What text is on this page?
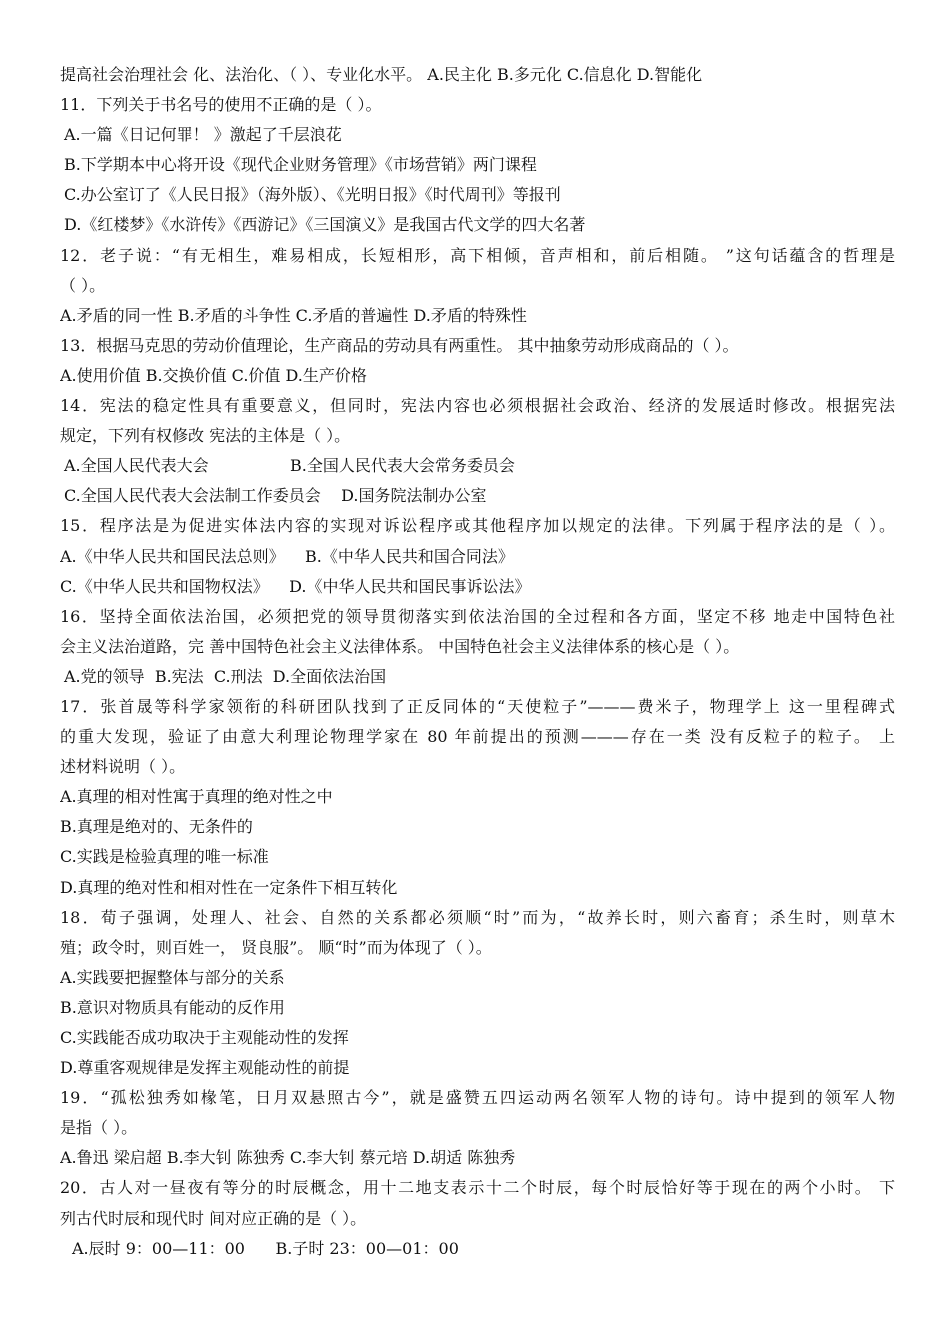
提高社会治理社会 化、法治化、（ ）、专业化水平。 A.民主化 B.多元化 C.信息化 D.智能化
11．下列关于书名号的使用不正确的是（ ）。
A.一篇《日记何罪！ 》激起了千层浪花
B.下学期本中心将开设《现代企业财务管理》《市场营销》两门课程
C.办公室订了《人民日报》（海外版）、《光明日报》《时代周刊》等报刊
D.《红楼梦》《水浒传》《西游记》《三国演义》是我国古代文学的四大名著
12．老子说：“有无相生，难易相成，长短相形，高下相倾，音声相和，前后相随。 ”这句话蕴含的哲理是
（ ）。
A.矛盾的同一性 B.矛盾的斗争性 C.矛盾的普遍性 D.矛盾的特殊性
13．根据马克思的劳动价值理论，生产商品的劳动具有两重性。 其中抽象劳动形成商品的（ ）。
A.使用价值 B.交换价值 C.价值 D.生产价格
14．宪法的稳定性具有重要意义，但同时，宪法内容也必须根据社会政治、经济的发展适时修改。根据宪法
规定，下列有权修改 宪法的主体是（ ）。
A.全国人民代表大会                B.全国人民代表大会常务委员会
C.全国人民代表大会法制工作委员会    D.国务院法制办公室
15．程序法是为促进实体法内容的实现对诉讼程序或其他程序加以规定的法律。下列属于程序法的是（ ）。
A.《中华人民共和国民法总则》    B.《中华人民共和国合同法》
C.《中华人民共和国物权法》    D.《中华人民共和国民事诉讼法》
16．坚持全面依法治国，必须把党的领导贯彻落实到依法治国的全过程和各方面，坚定不移 地走中国特色社
会主义法治道路，完 善中国特色社会主义法律体系。 中国特色社会主义法律体系的核心是（ ）。
A.党的领导  B.宪法  C.刑法  D.全面依法治国
17．张首晟等科学家领衔的科研团队找到了正反同体的“天使粒子”———费米子，物理学上 这一里程碑式
的重大发现，验证了由意大利理论物理学家在 80 年前提出的预测———存在一类 没有反粒子的粒子。 上
述材料说明（ ）。
A.真理的相对性寓于真理的绝对性之中
B.真理是绝对的、无条件的
C.实践是检验真理的唯一标准
D.真理的绝对性和相对性在一定条件下相互转化
18．荀子强调，处理人、社会、自然的关系都必须顺“时”而为，“故养长时，则六畜育；杀生时，则草木
殖；政令时，则百姓一， 贤良服”。 顺“时”而为体现了（ ）。
A.实践要把握整体与部分的关系
B.意识对物质具有能动的反作用
C.实践能否成功取决于主观能动性的发挥
D.尊重客观规律是发挥主观能动性的前提
19．“孤松独秀如椽笔，日月双悬照古今”，就是盛赞五四运动两名领军人物的诗句。诗中提到的领军人物
是指（ ）。
A.鲁迅 梁启超 B.李大钊 陈独秀 C.李大钊 蔡元培 D.胡适 陈独秀
20．古人对一昼夜有等分的时辰概念，用十二地支表示十二个时辰，每个时辰恰好等于现在的两个小时。 下
列古代时辰和现代时 间对应正确的是（ ）。
A.辰时 9：00—11：00      B.子时 23：00—01：00
